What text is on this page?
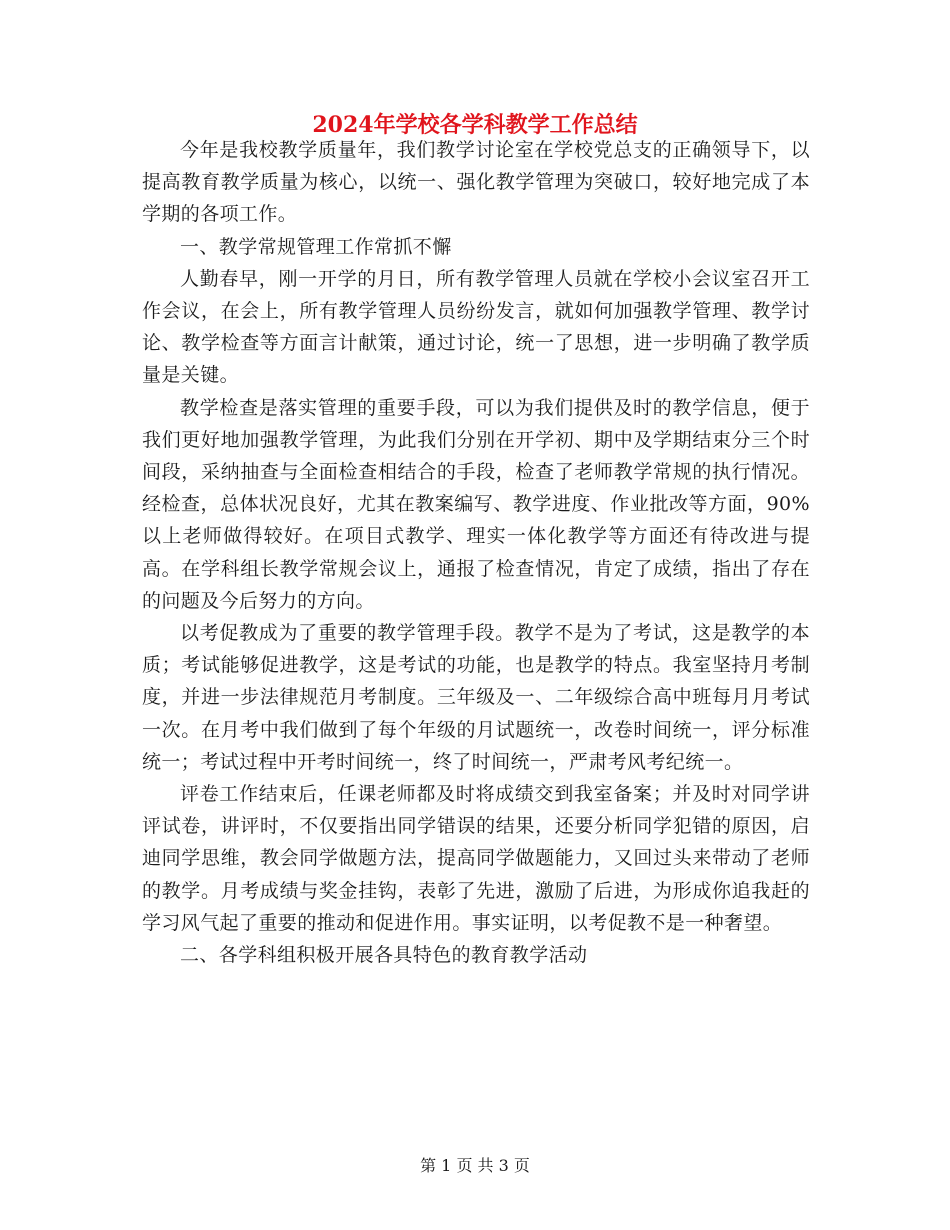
2024年学校各学科教学工作总结

今年是我校教学质量年，我们教学讨论室在学校党总支的正确领导下，以提高教育教学质量为核心，以统一、强化教学管理为突破口，较好地完成了本学期的各项工作。

一、教学常规管理工作常抓不懈

人勤春早，刚一开学的月日，所有教学管理人员就在学校小会议室召开工作会议，在会上，所有教学管理人员纷纷发言，就如何加强教学管理、教学讨论、教学检查等方面言计献策，通过讨论，统一了思想，进一步明确了教学质量是关键。

教学检查是落实管理的重要手段，可以为我们提供及时的教学信息，便于我们更好地加强教学管理，为此我们分别在开学初、期中及学期结束分三个时间段，采纳抽查与全面检查相结合的手段，检查了老师教学常规的执行情况。经检查，总体状况良好，尤其在教案编写、教学进度、作业批改等方面，90%以上老师做得较好。在项目式教学、理实一体化教学等方面还有待改进与提高。在学科组长教学常规会议上，通报了检查情况，肯定了成绩，指出了存在的问题及今后努力的方向。

以考促教成为了重要的教学管理手段。教学不是为了考试，这是教学的本质；考试能够促进教学，这是考试的功能，也是教学的特点。我室坚持月考制度，并进一步法律规范月考制度。三年级及一、二年级综合高中班每月月考试一次。在月考中我们做到了每个年级的月试题统一，改卷时间统一，评分标准统一；考试过程中开考时间统一，终了时间统一，严肃考风考纪统一。

评卷工作结束后，任课老师都及时将成绩交到我室备案；并及时对同学讲评试卷，讲评时，不仅要指出同学错误的结果，还要分析同学犯错的原因，启迪同学思维，教会同学做题方法，提高同学做题能力，又回过头来带动了老师的教学。月考成绩与奖金挂钩，表彰了先进，激励了后进，为形成你追我赶的学习风气起了重要的推动和促进作用。事实证明，以考促教不是一种奢望。

二、各学科组积极开展各具特色的教育教学活动

第 1 页 共 3 页
